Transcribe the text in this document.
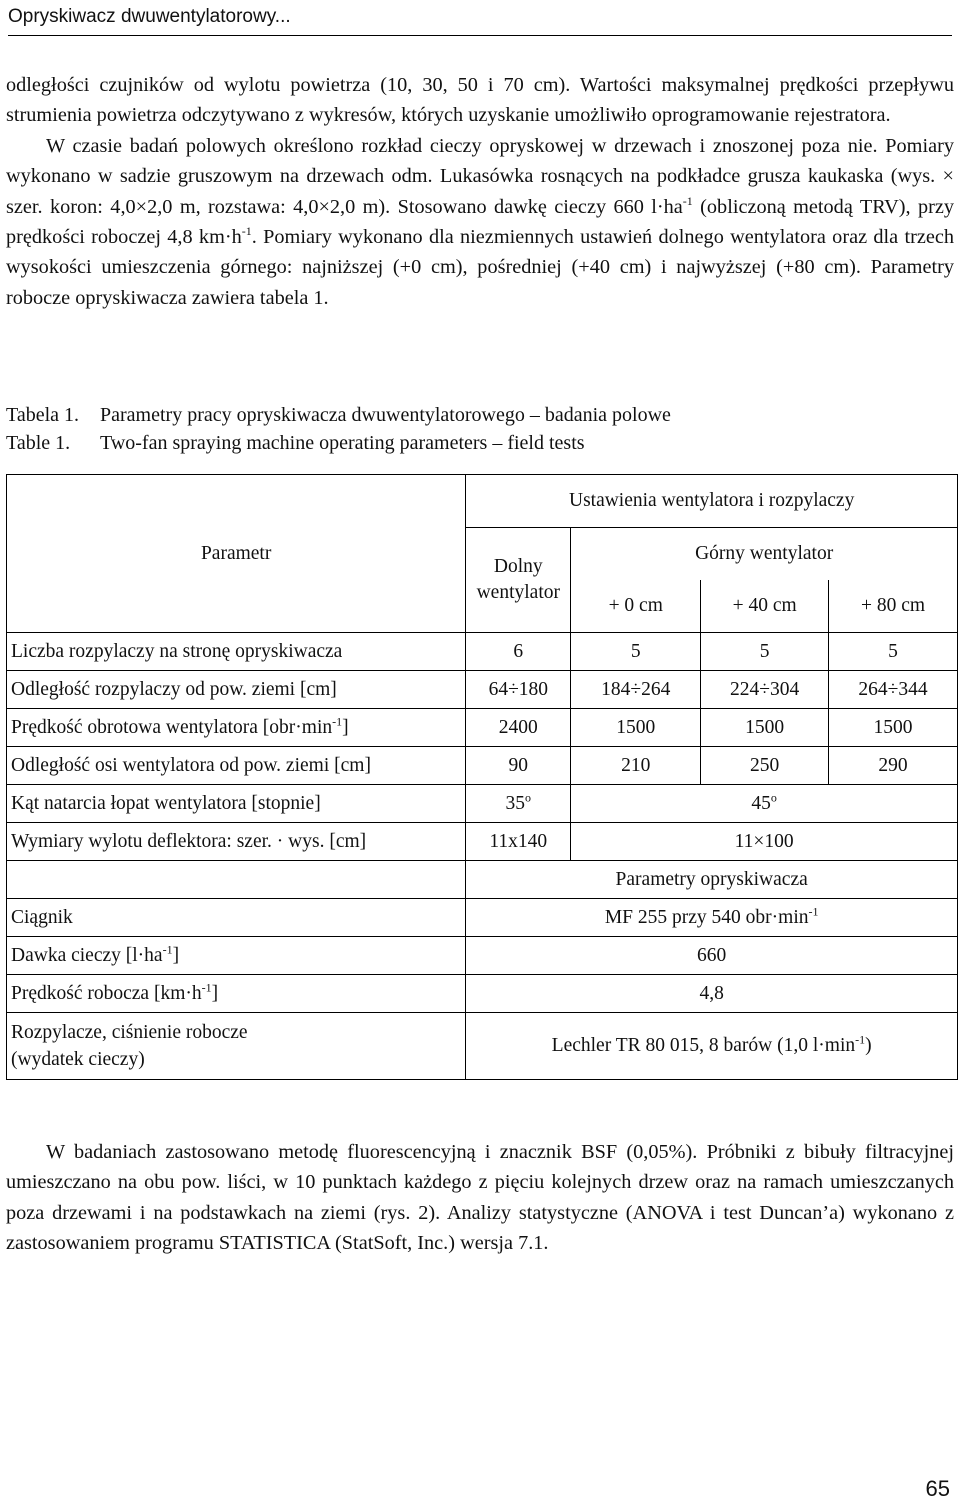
Opryskiwacz dwuwentylatorowy...

odległości czujników od wylotu powietrza (10, 30, 50 i 70 cm). Wartości maksymalnej prędkości przepływu strumienia powietrza odczytywano z wykresów, których uzyskanie umożliwiło oprogramowanie rejestratora.

W czasie badań polowych określono rozkład cieczy opryskowej w drzewach i znoszonej poza nie. Pomiary wykonano w sadzie gruszowym na drzewach odm. Lukasówka rosnących na podkładce grusza kaukaska (wys. × szer. koron: 4,0×2,0 m, rozstawa: 4,0×2,0 m). Stosowano dawkę cieczy 660 $l\cdot ha^{-1}$ (obliczoną metodą TRV), przy prędkości roboczej 4,8 $km\cdot h^{-1}$. Pomiary wykonano dla niezmiennych ustawień dolnego wentylatora oraz dla trzech wysokości umieszczenia górnego: najniższej (+0 cm), pośredniej (+40 cm) i najwyższej (+80 cm). Parametry robocze opryskiwacza zawiera tabela 1.

Tabela 1. Parametry pracy opryskiwacza dwuwentylatorowego – badania polowe
Table 1. Two-fan spraying machine operating parameters – field tests
Parametr	Ustawienia wentylatora i rozpylaczy			
	Dolny wentylator	Górny wentylator		
		+ 0 cm	+ 40 cm	+ 80 cm
Liczba rozpylaczy na stronę opryskiwacza	6	5	5	5
Odległość rozpylaczy od pow. ziemi [cm]	64÷180	184÷264	224÷304	264÷344
Prędkość obrotowa wentylatora $[obr\cdot\min^{-1}]$	2400	1500	1500	1500
Odległość osi wentylatora od pow. ziemi [cm]	90	210	250	290
Kąt natarcia łopat wentylatora [stopnie]	35$^o$	45$^o$
Wymiary wylotu deflektora: szer. · wys. [cm]	11x140	11×100		
	Parametry opryskiwacza			
Ciągnik	MF 255 przy 540 $obr\cdot\min^{-1}$
Dawka cieczy $[l\cdot ha^{-1}]$	660			
Prędkość robocza $[km\cdot h^{-1}]$	4,8			

Rozpylacze, ciśnienie robocze
(wydatek cieczy)	Lechler TR 80 015, 8 barów (1,0 $l\cdot\min^{-1}$)			

W badaniach zastosowano metodę fluorescencyjną i znacznik BSF (0,05%). Próbniki z bibuły filtracyjnej umieszczano na obu pow. liści, w 10 punktach każdego z pięciu kolejnych drzew oraz na ramach umieszczanych poza drzewami i na podstawkach na ziemi (rys. 2). Analizy statystyczne (ANOVA i test Duncan’a) wykonano z zastosowaniem programu STATISTICA (StatSoft, Inc.) wersja 7.1.

65
